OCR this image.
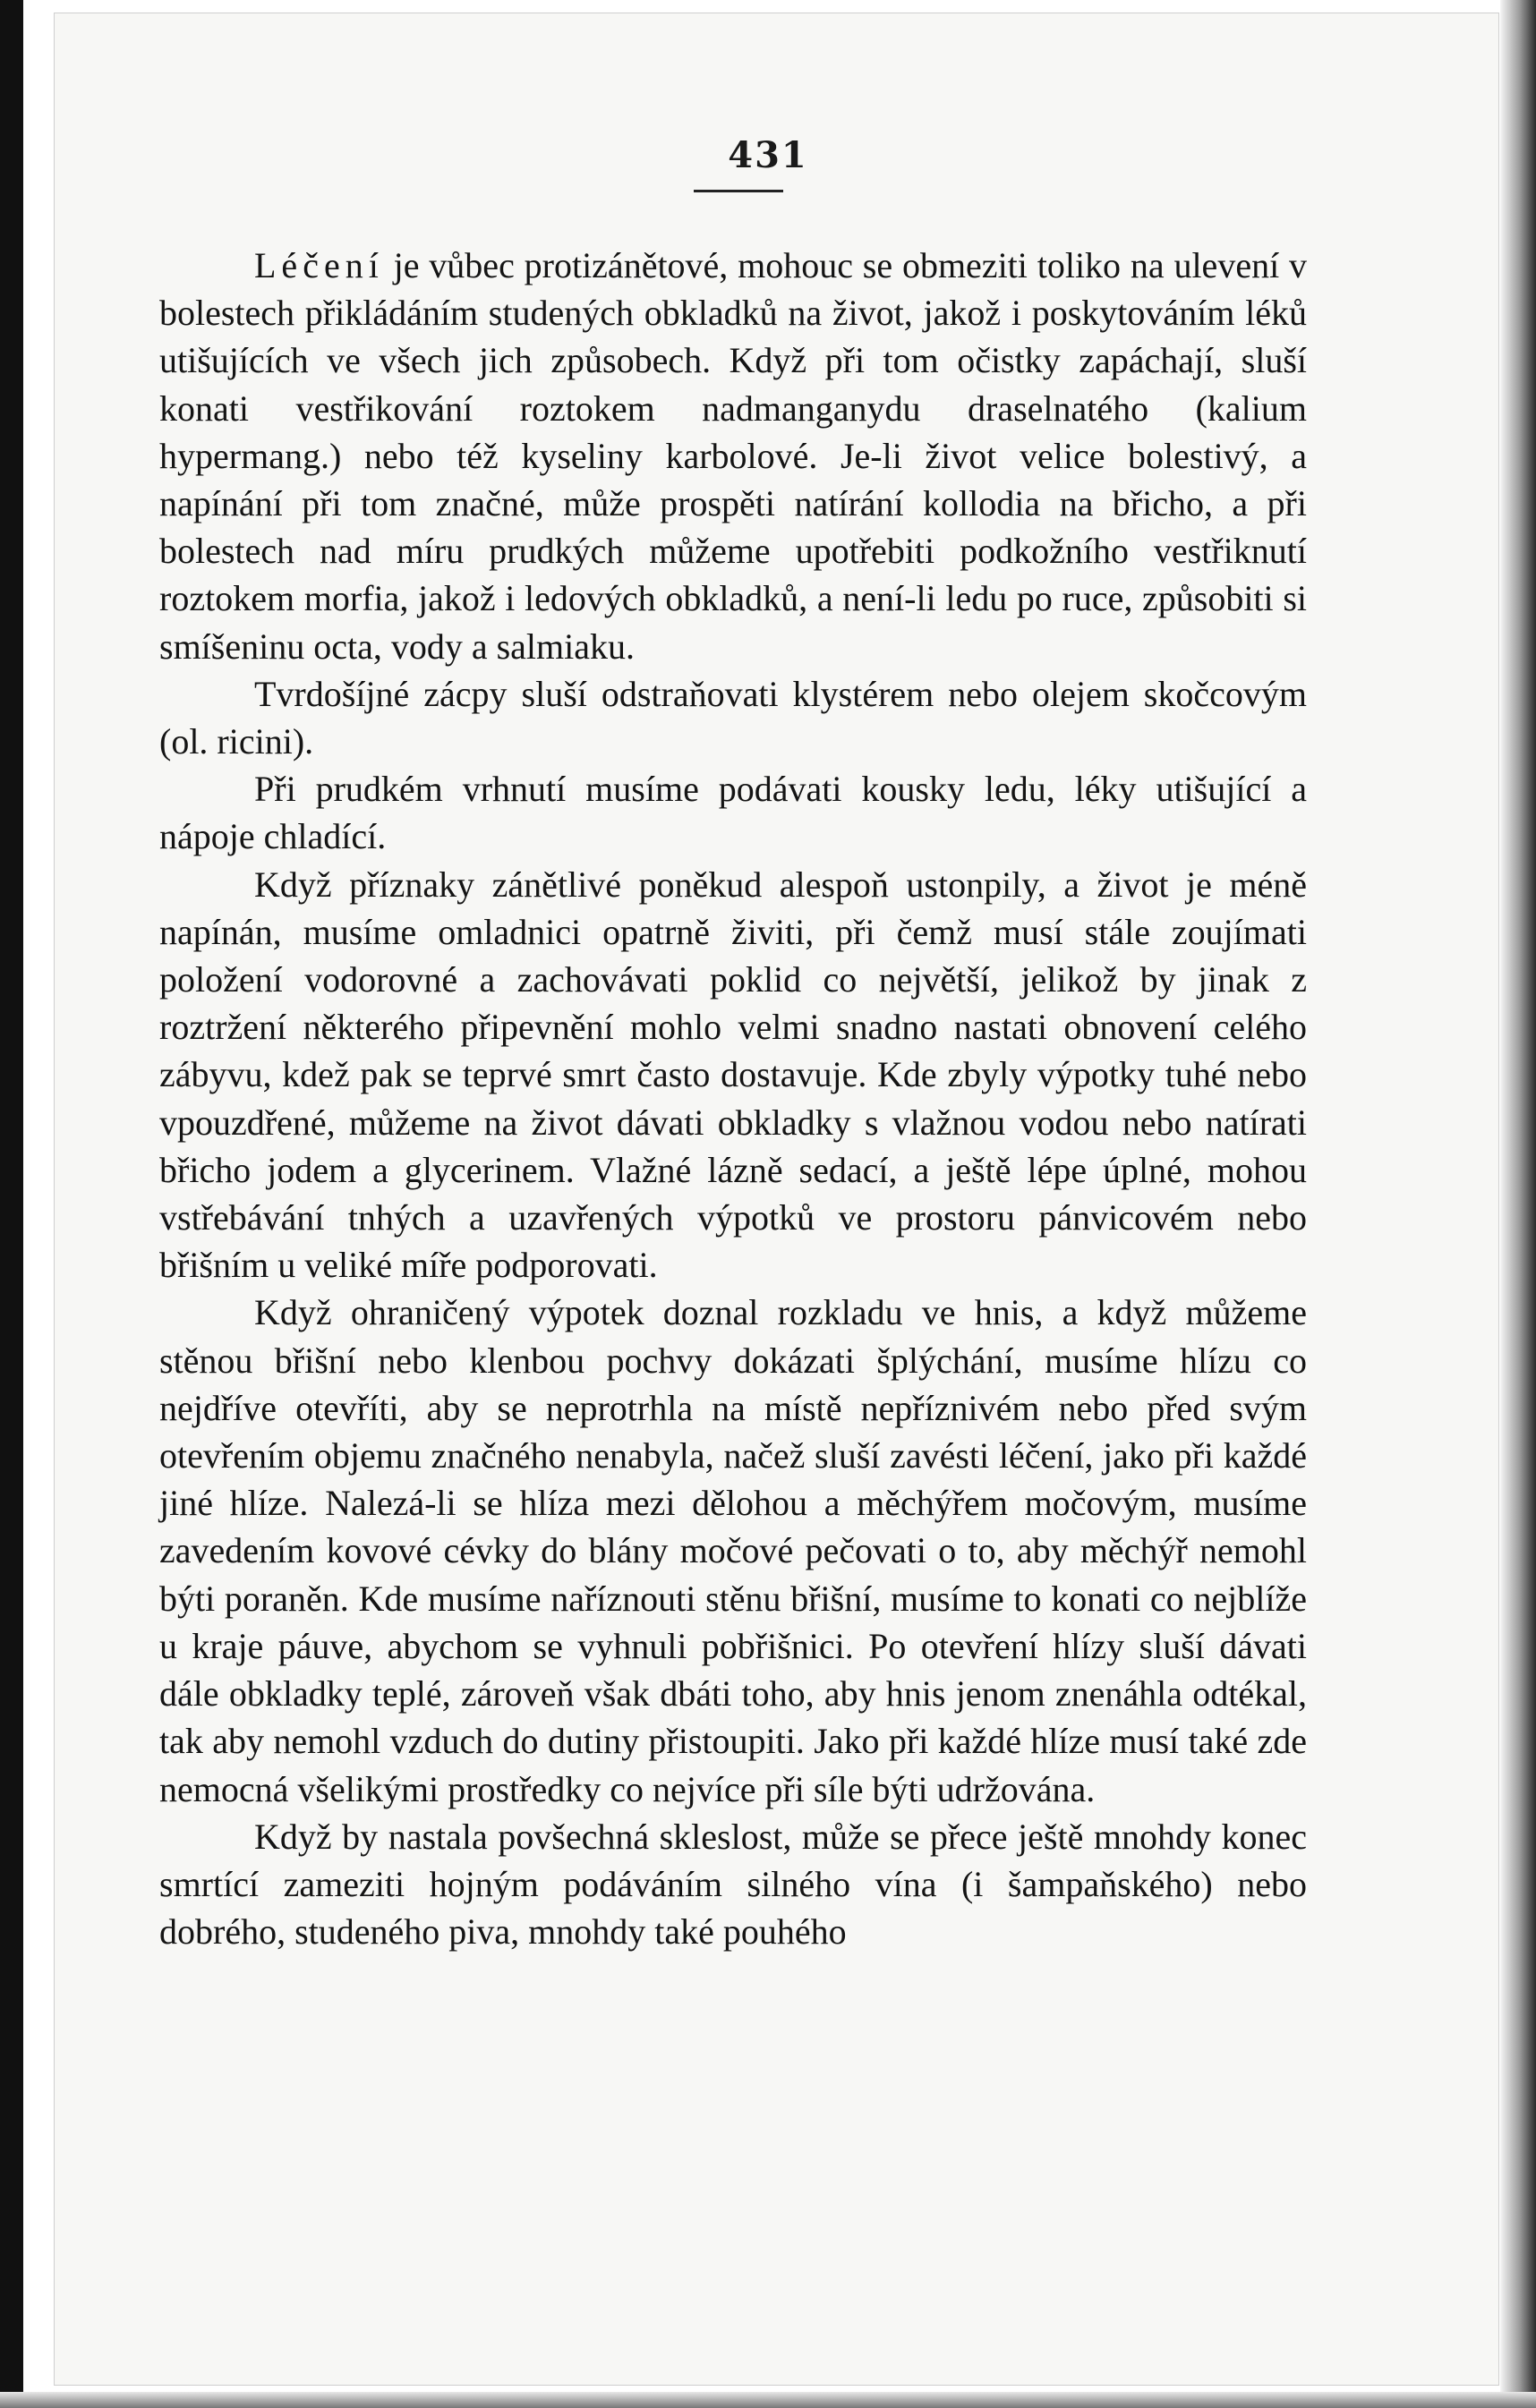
431

Léčení je vůbec protizánětové, mohouc se obmeziti toliko na ulevení v bolestech přikládáním studených obkladků na život, jakož i poskytováním léků utišujících ve všech jich způsobech. Když při tom očistky zapáchají, sluší konati vestřikování roztokem nadmanganydu draselnatého (kalium hypermang.) nebo též kyseliny karbolové. Je-li život velice bolestivý, a napínání při tom značné, může prospěti natírání kollodia na břicho, a při bolestech nad míru prudkých můžeme upotřebiti podkožního vestřiknutí roztokem morfia, jakož i ledových obkladků, a není-li ledu po ruce, způsobiti si smíšeninu octa, vody a salmiaku.

Tvrdošíjné zácpy sluší odstraňovati klystérem nebo olejem skočcovým (ol. ricini).

Při prudkém vrhnutí musíme podávati kousky ledu, léky utišující a nápoje chladící.

Když příznaky zánětlivé poněkud alespoň ustonpily, a život je méně napínán, musíme omladnici opatrně živiti, při čemž musí stále zoujímati položení vodorovné a zachovávati poklid co největší, jelikož by jinak z roztržení některého připevnění mohlo velmi snadno nastati obnovení celého zábyvu, kdež pak se teprvé smrt často dostavuje. Kde zbyly výpotky tuhé nebo vpouzdřené, můžeme na život dávati obkladky s vlažnou vodou nebo natírati břicho jodem a glycerinem. Vlažné lázně sedací, a ještě lépe úplné, mohou vstřebávání tnhých a uzavřených výpotků ve prostoru pánvicovém nebo břišním u veliké míře podporovati.

Když ohraničený výpotek doznal rozkladu ve hnis, a když můžeme stěnou břišní nebo klenbou pochvy dokázati šplýchání, musíme hlízu co nejdříve otevříti, aby se neprotrhla na místě nepříznivém nebo před svým otevřením objemu značného nenabyla, načež sluší zavésti léčení, jako při každé jiné hlíze. Nalezá-li se hlíza mezi dělohou a měchýřem močovým, musíme zavedením kovové cévky do blány močové pečovati o to, aby měchýř nemohl býti poraněn. Kde musíme naříznouti stěnu břišní, musíme to konati co nejblíže u kraje páuve, abychom se vyhnuli pobřišnici. Po otevření hlízy sluší dávati dále obkladky teplé, zároveň však dbáti toho, aby hnis jenom znenáhla odtékal, tak aby nemohl vzduch do dutiny přistoupiti. Jako při každé hlíze musí také zde nemocná všelikými prostředky co nejvíce při síle býti udržována.

Když by nastala povšechná skleslost, může se přece ještě mnohdy konec smrtící zameziti hojným podáváním silného vína (i šampaňského) nebo dobrého, studeného piva, mnohdy také pouhého
